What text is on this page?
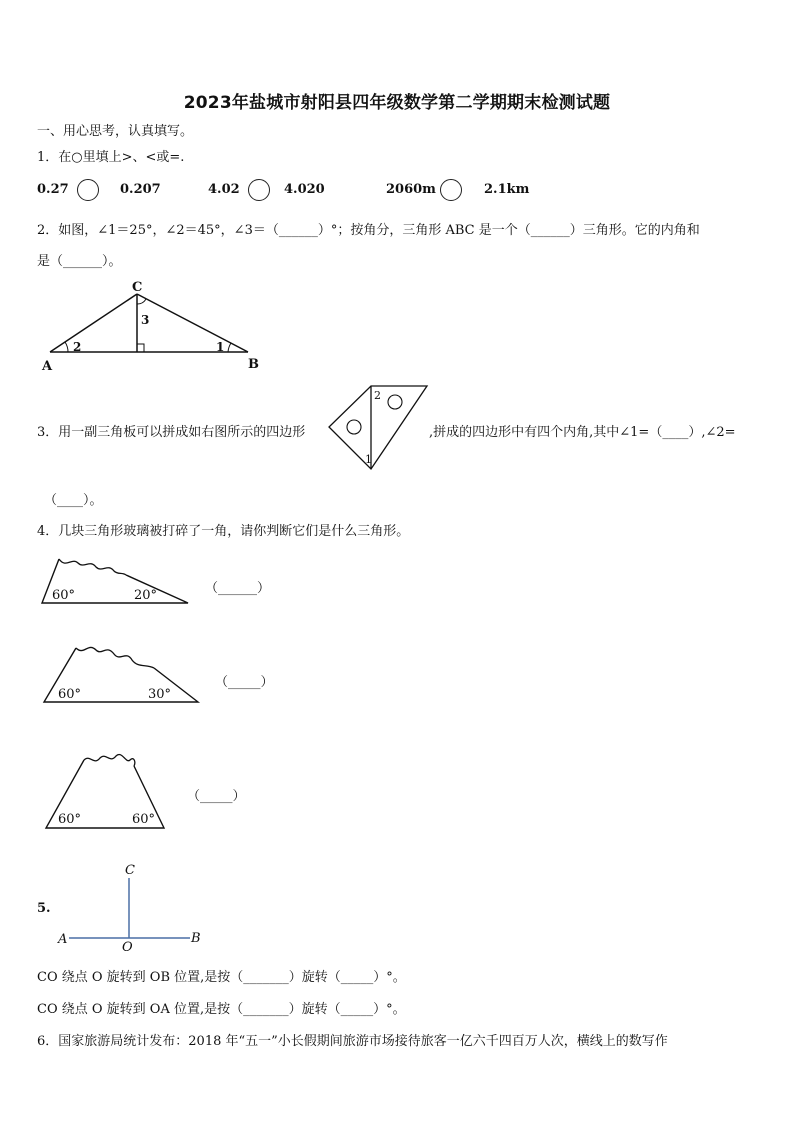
2023年盐城市射阳县四年级数学第二学期期末检测试题
一、用心思考，认真填写。
1．在○里填上>、<或=.
0.27	0.207	4.02	4.020	2060m	2.1km
2．如图，∠1＝25°，∠2＝45°，∠3＝（______）°；按角分，三角形 ABC 是一个（______）三角形。它的内角和
是（______）。
C
A	B
3
2	1
3．用一副三角板可以拼成如右图所示的四边形
2
1
,拼成的四边形中有四个内角,其中∠1=（____）,∠2=
（____）。
4．几块三角形玻璃被打碎了一角，请你判断它们是什么三角形。
60°	20°	（______）
60°	30°
（_____）
60°	60°
（_____）
5.
C
A
O
B
CO 绕点 O 旋转到 OB 位置,是按（_______）旋转（_____）°。
CO 绕点 O 旋转到 OA 位置,是按（_______）旋转（_____）°。
6．国家旅游局统计发布：2018 年“五一”小长假期间旅游市场接待旅客一亿六千四百万人次，横线上的数写作
